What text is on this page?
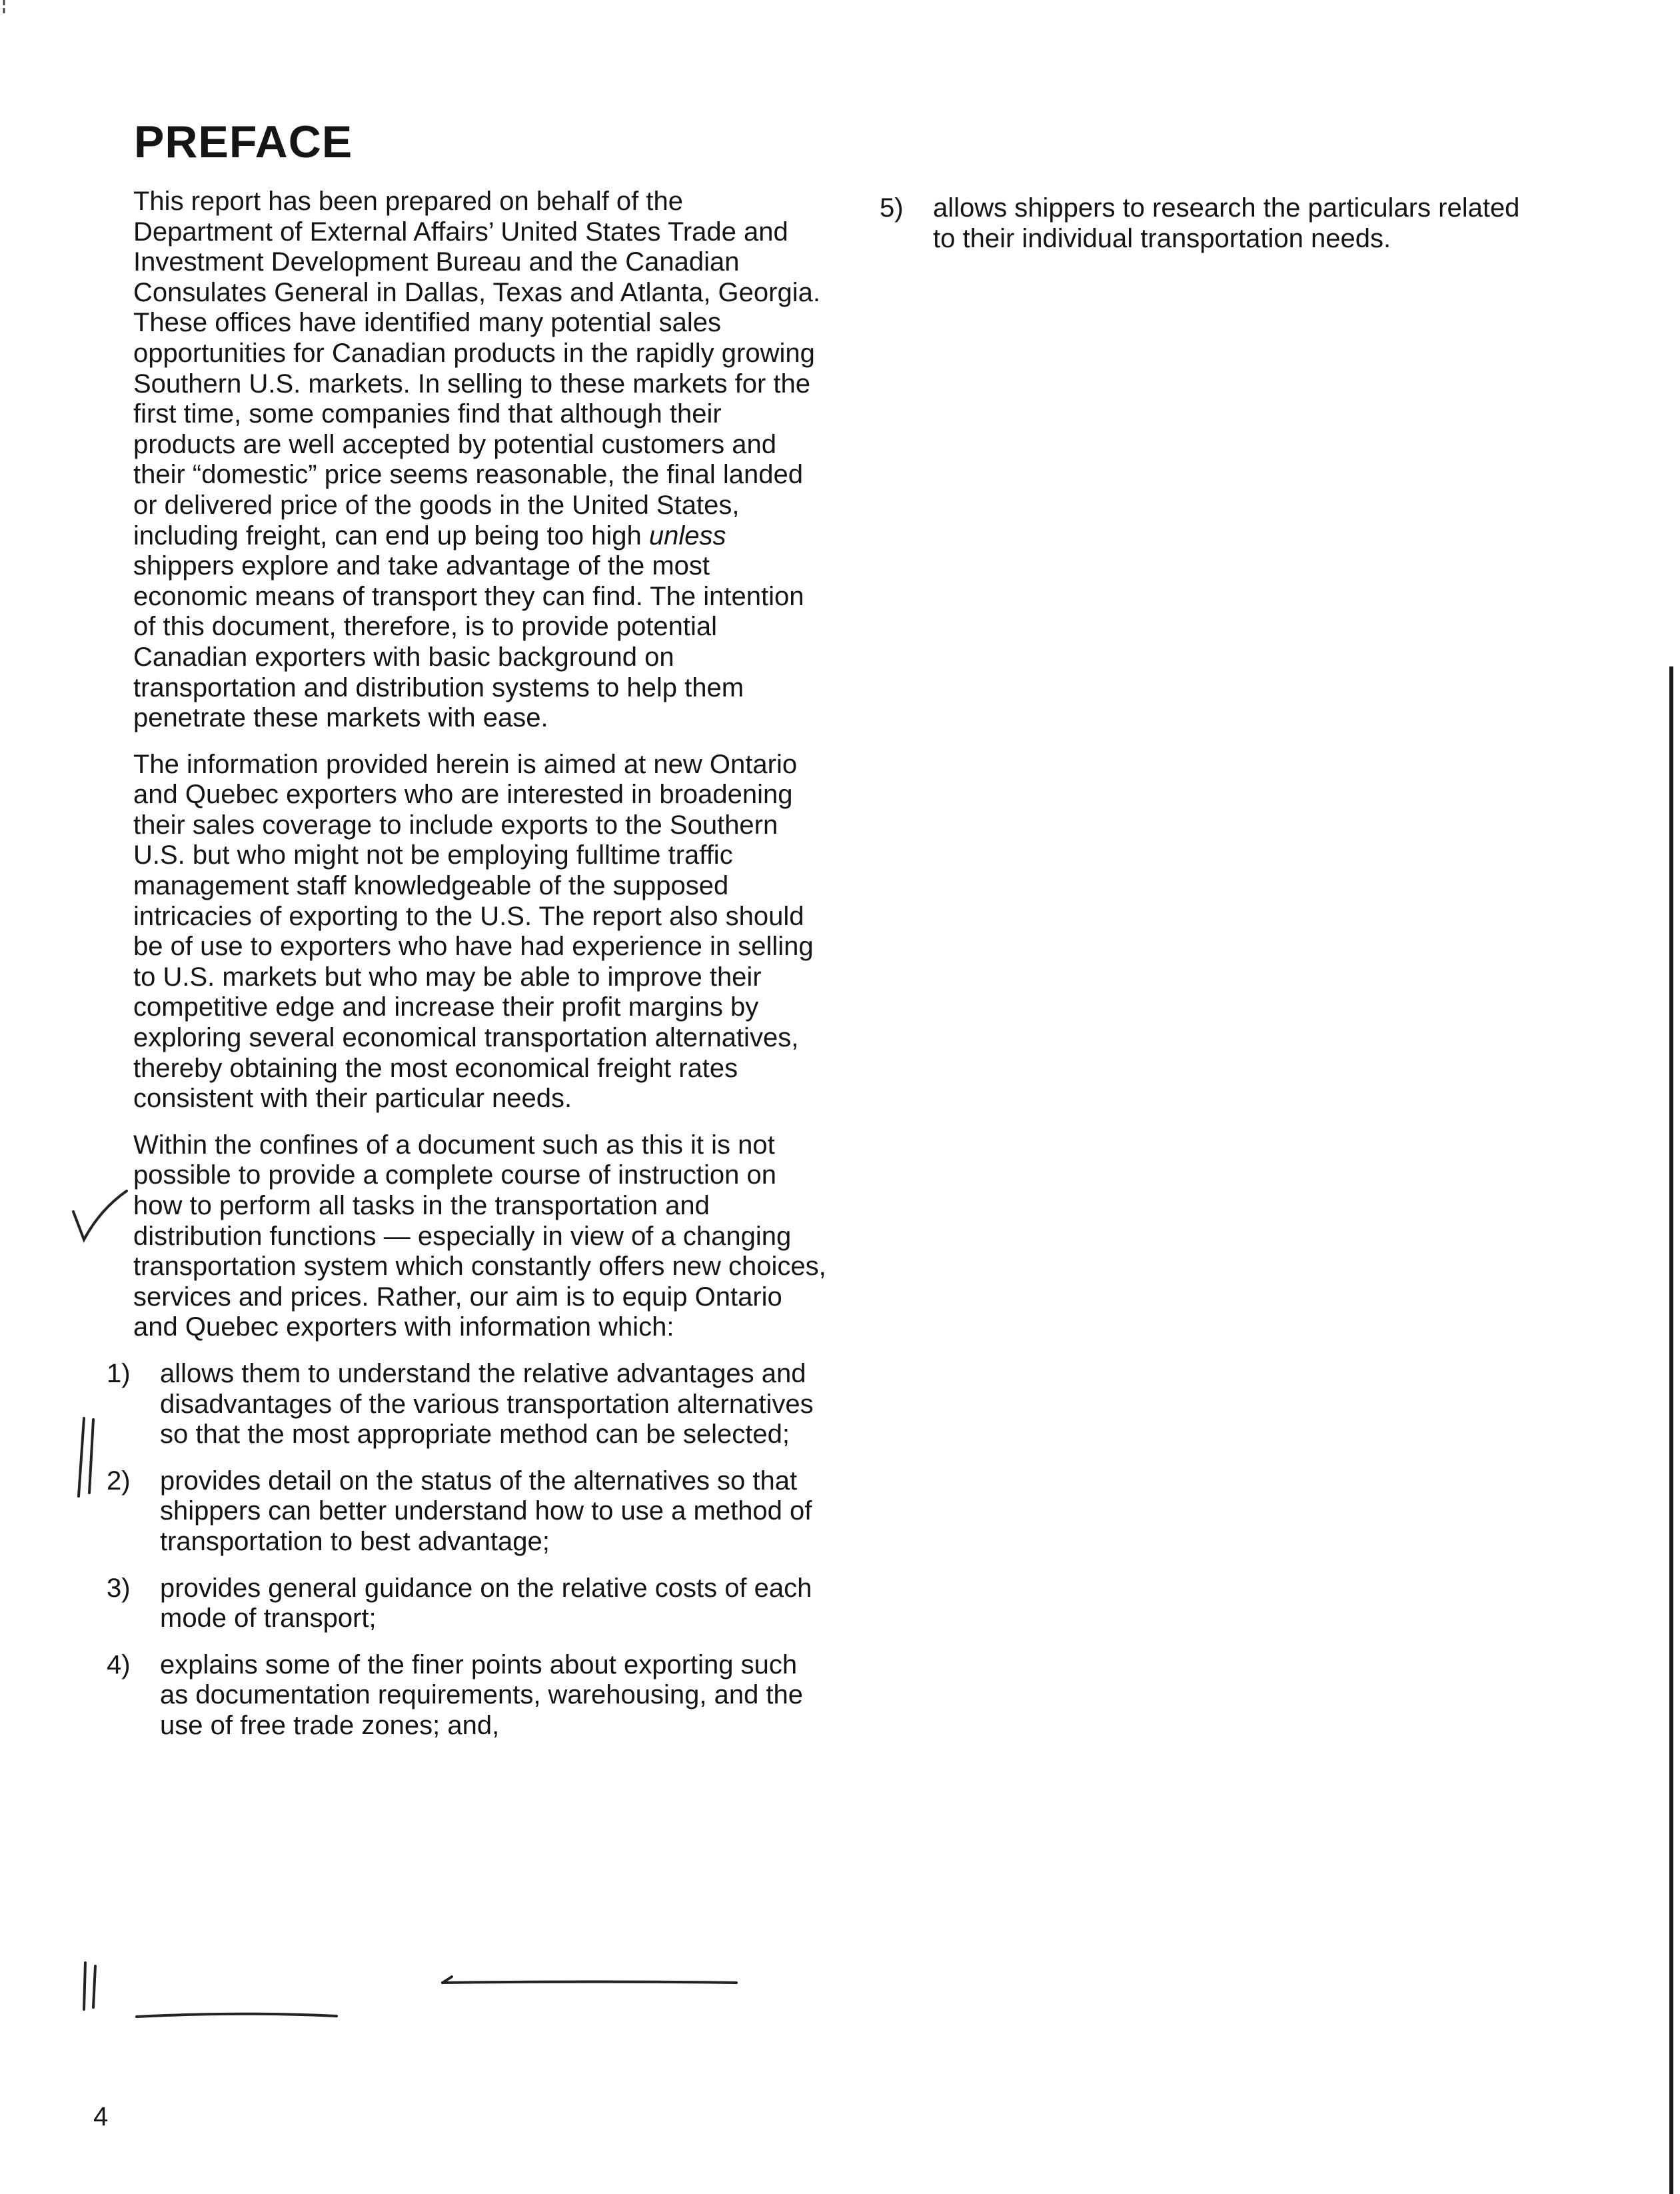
PREFACE

This report has been prepared on behalf of the Department of External Affairs’ United States Trade and Investment Development Bureau and the Canadian Consulates General in Dallas, Texas and Atlanta, Georgia. These offices have identified many potential sales opportunities for Canadian products in the rapidly growing Southern U.S. markets. In selling to these markets for the first time, some companies find that although their products are well accepted by potential customers and their “domestic” price seems reasonable, the final landed or delivered price of the goods in the United States, including freight, can end up being too high unless shippers explore and take advantage of the most economic means of transport they can find. The intention of this document, therefore, is to provide potential Canadian exporters with basic background on transportation and distribution systems to help them penetrate these markets with ease.

The information provided herein is aimed at new Ontario and Quebec exporters who are interested in broadening their sales coverage to include exports to the Southern U.S. but who might not be employing fulltime traffic management staff knowledgeable of the supposed intricacies of exporting to the U.S. The report also should be of use to exporters who have had experience in selling to U.S. markets but who may be able to improve their competitive edge and increase their profit margins by exploring several economical transportation alternatives, thereby obtaining the most economical freight rates consistent with their particular needs.

Within the confines of a document such as this it is not possible to provide a complete course of instruction on how to perform all tasks in the transportation and distribution functions — especially in view of a changing transportation system which constantly offers new choices, services and prices. Rather, our aim is to equip Ontario and Quebec exporters with information which:

1)	allows them to understand the relative advantages and disadvantages of the various transportation alternatives so that the most appropriate method can be selected;
2)	provides detail on the status of the alternatives so that shippers can better understand how to use a method of transportation to best advantage;
3)	provides general guidance on the relative costs of each mode of transport;
4)	explains some of the finer points about exporting such as documentation requirements, warehousing, and the use of free trade zones; and,
5)	allows shippers to research the particulars related to their individual transportation needs.
4
